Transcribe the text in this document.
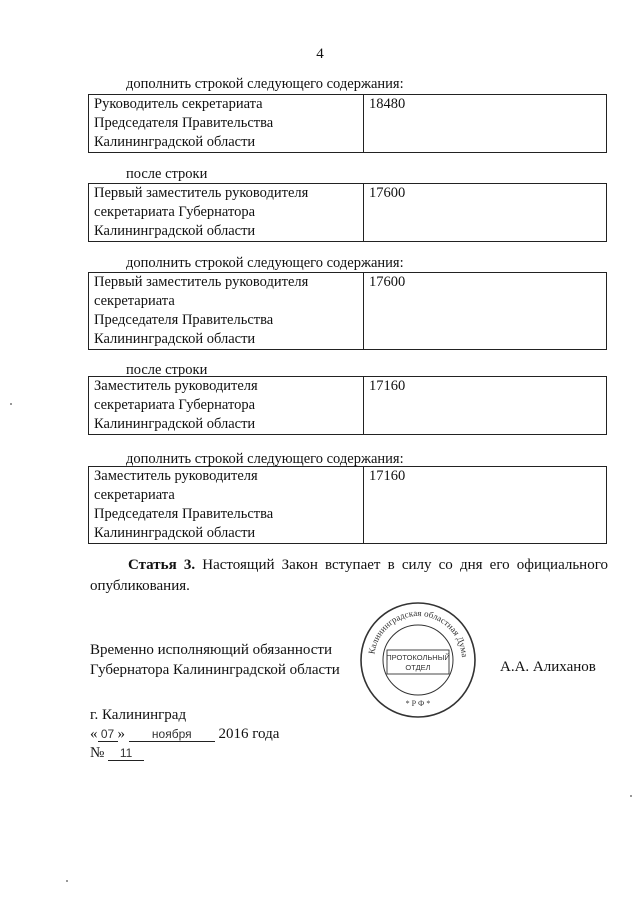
4
дополнить строкой следующего содержания:
Руководитель секретариата
Председателя Правительства
Калининградской области
	18480
после строки
Первый заместитель руководителя
секретариата Губернатора
Калининградской области
	17600
дополнить строкой следующего содержания:
Первый заместитель руководителя
секретариата
Председателя Правительства
Калининградской области
	17600
после строки
Заместитель руководителя
секретариата Губернатора
Калининградской области
	17160
дополнить строкой следующего содержания:
Заместитель руководителя
секретариата
Председателя Правительства
Калининградской области
	17160
Статья 3. Настоящий Закон вступает в силу со дня его официального опубликования.
Временно исполняющий обязанности
Губернатора Калининградской области	А.А. Алиханов
Калининградская областная Дума
ПРОТОКОЛЬНЫЙ
ОТДЕЛ
* Р Ф *
г. Калининград
« 07 » ноября 2016 года
№ 11
